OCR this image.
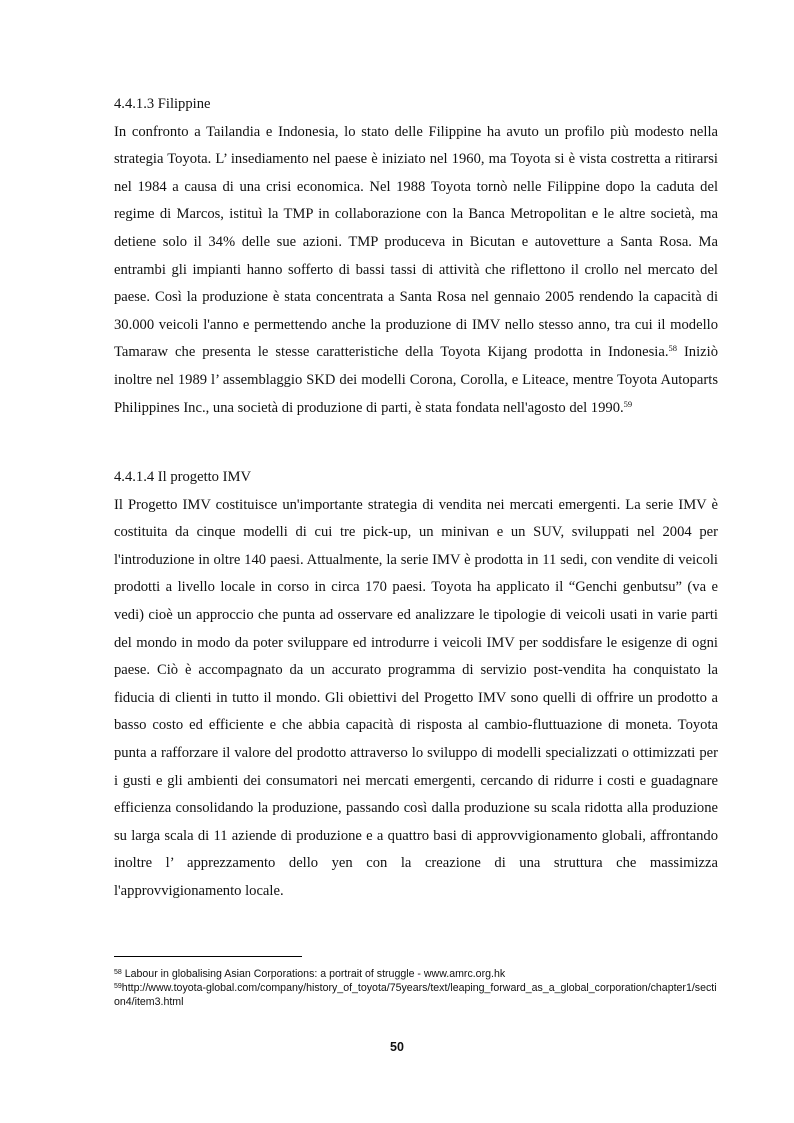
4.4.1.3 Filippine

In confronto a Tailandia e Indonesia, lo stato delle Filippine ha avuto un profilo più modesto nella strategia Toyota. L’ insediamento nel paese è iniziato nel 1960, ma Toyota si è vista costretta a ritirarsi nel 1984 a causa di una crisi economica. Nel 1988 Toyota tornò nelle Filippine dopo la caduta del regime di Marcos, istituì la TMP in collaborazione con la Banca Metropolitan e le altre società, ma detiene solo il 34% delle sue azioni. TMP produceva in Bicutan e autovetture a Santa Rosa. Ma entrambi gli impianti hanno sofferto di bassi tassi di attività che riflettono il crollo nel mercato del paese. Così la produzione è stata concentrata a Santa Rosa nel gennaio 2005 rendendo la capacità di 30.000 veicoli l'anno e permettendo anche la produzione di IMV nello stesso anno, tra cui il modello Tamaraw che presenta le stesse caratteristiche della Toyota Kijang prodotta in Indonesia.$^{58}$ Iniziò inoltre nel 1989 l’ assemblaggio SKD dei modelli Corona, Corolla, e Liteace, mentre Toyota Autoparts Philippines Inc., una società di produzione di parti, è stata fondata nell'agosto del 1990.59

4.4.1.4 Il progetto IMV

Il Progetto IMV costituisce un'importante strategia di vendita nei mercati emergenti. La serie IMV è costituita da cinque modelli di cui tre pick-up, un minivan e un SUV, sviluppati nel 2004 per l'introduzione in oltre 140 paesi. Attualmente, la serie IMV è prodotta in 11 sedi, con vendite di veicoli prodotti a livello locale in corso in circa 170 paesi. Toyota ha applicato il “Genchi genbutsu” (va e vedi) cioè un approccio che punta ad osservare ed analizzare le tipologie di veicoli usati in varie parti del mondo in modo da poter sviluppare ed introdurre i veicoli IMV per soddisfare le esigenze di ogni paese. Ciò è accompagnato da un accurato programma di servizio post-vendita ha conquistato la fiducia di clienti in tutto il mondo. Gli obiettivi del Progetto IMV sono quelli di offrire un prodotto a basso costo ed efficiente e che abbia capacità di risposta al cambio-fluttuazione di moneta. Toyota punta a rafforzare il valore del prodotto attraverso lo sviluppo di modelli specializzati o ottimizzati per i gusti e gli ambienti dei consumatori nei mercati emergenti, cercando di ridurre i costi e guadagnare efficienza consolidando la produzione, passando così dalla produzione su scala ridotta alla produzione su larga scala di 11 aziende di produzione e a quattro basi di approvvigionamento globali, affrontando inoltre l’ apprezzamento dello yen con la creazione di una struttura che massimizza l'approvvigionamento locale.

$^{58}$ Labour in globalising Asian Corporations: a portrait of struggle - www.amrc.org.hk

$^{59}$http://www.toyota-global.com/company/history_of_toyota/75years/text/leaping_forward_as_a_global_corporation/chapter1/section4/item3.html

50
